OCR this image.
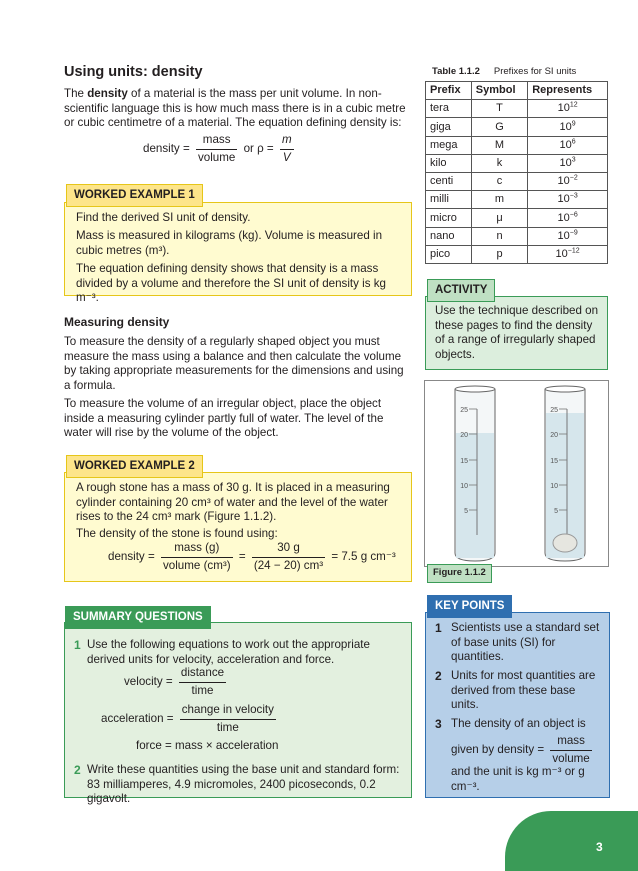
Using units: density

The density of a material is the mass per unit volume. In non-scientific language this is how much mass there is in a cubic metre or cubic centimetre of a material. The equation defining density is:

density = $\frac{\text{mass}}{\text{volume}}$ or $\rho = \frac{m}{V}$
WORKED EXAMPLE 1

Find the derived SI unit of density.

Mass is measured in kilograms (kg). Volume is measured in cubic metres (m³).

The equation defining density shows that density is a mass divided by a volume and therefore the SI unit of density is kg m⁻³.

Measuring density

To measure the density of a regularly shaped object you must measure the mass using a balance and then calculate the volume by taking appropriate measurements for the dimensions and using a formula.

To measure the volume of an irregular object, place the object inside a measuring cylinder partly full of water. The level of the water will rise by the volume of the object.

WORKED EXAMPLE 2

A rough stone has a mass of 30 g. It is placed in a measuring cylinder containing 20 cm³ of water and the level of the water rises to the 24 cm³ mark (Figure 1.1.2).

The density of the stone is found using:

density = $\frac{\text{mass (g)}}{\text{volume (cm³)}} = \frac{30 g}{\text{(24 − 20) cm³}} = 7.5$ g cm⁻³
SUMMARY QUESTIONS
1 Use the following equations to work out the appropriate derived units for velocity, acceleration and force.

velocity = $\frac{\text{distance}}{\text{time}}$
acceleration = $\frac{\text{change in velocity}}{\text{time}}$
force = mass × acceleration
2 Write these quantities using the base unit and standard form: 83 milliamperes, 4.9 micromoles, 2400 picoseconds, 0.2 gigavolt.

Table 1.1.2 Prefixes for SI units
Prefix	Symbol	Represents
tera	T	$10^{12}$
giga	G	$10^9$
mega	M	$10^6$
kilo	k	$10^3$
centi	c	$10^{-2}$
milli	m	$10^{-3}$
micro	μ	$10^{-6}$
nano	n	$10^{-9}$
pico	p	$10^{-12}$
ACTIVITY

Use the technique described on these pages to find the density of a range of irregularly shaped objects.

25
20
15
10
5
25
20
15
10
5
Figure 1.1.2
KEY POINTS
1 Scientists use a standard set of base units (SI) for quantities.

2 Units for most quantities are derived from these base units.

3 The density of an object is

given by density = $\frac{\text{mass}}{\text{volume}}$

and the unit is kg m⁻³ or g cm⁻³.

3
